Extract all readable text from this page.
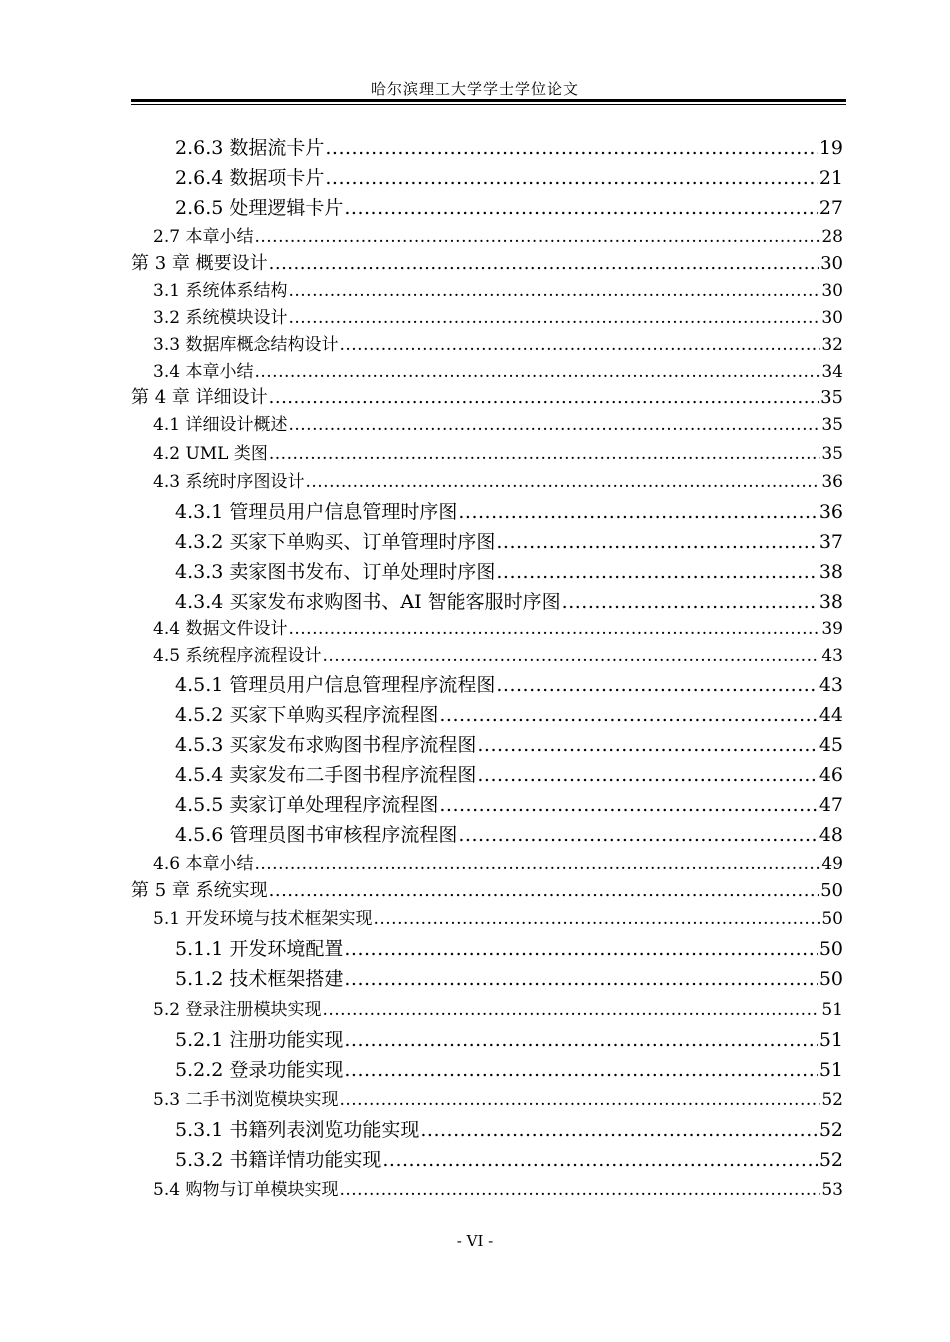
哈尔滨理工大学学士学位论文
2.6.3 数据流卡片 .....	19
2.6.4 数据项卡片 .....	21
2.6.5 处理逻辑卡片 .....	27
2.7 本章小结 .....	28
第 3 章 概要设计 .....	30
3.1 系统体系结构 .....	30
3.2 系统模块设计 .....	30
3.3 数据库概念结构设计 .....	32
3.4 本章小结 .....	34
第 4 章 详细设计 .....	35
4.1 详细设计概述 .....	35
4.2 UML 类图 .....	35
4.3 系统时序图设计 .....	36
4.3.1 管理员用户信息管理时序图 .....	36
4.3.2 买家下单购买、订单管理时序图 .....	37
4.3.3 卖家图书发布、订单处理时序图 .....	38
4.3.4 买家发布求购图书、AI 智能客服时序图 .....	38
4.4 数据文件设计 .....	39
4.5 系统程序流程设计 .....	43
4.5.1 管理员用户信息管理程序流程图 .....	43
4.5.2 买家下单购买程序流程图 .....	44
4.5.3 买家发布求购图书程序流程图 .....	45
4.5.4 卖家发布二手图书程序流程图 .....	46
4.5.5 卖家订单处理程序流程图 .....	47
4.5.6 管理员图书审核程序流程图 .....	48
4.6 本章小结 .....	49
第 5 章 系统实现 .....	50
5.1 开发环境与技术框架实现 .....	50
5.1.1 开发环境配置 .....	50
5.1.2 技术框架搭建 .....	50
5.2 登录注册模块实现 .....	51
5.2.1 注册功能实现 .....	51
5.2.2 登录功能实现 .....	51
5.3 二手书浏览模块实现 .....	52
5.3.1 书籍列表浏览功能实现 .....	52
5.3.2 书籍详情功能实现 .....	52
5.4 购物与订单模块实现 .....	53
- VI -
